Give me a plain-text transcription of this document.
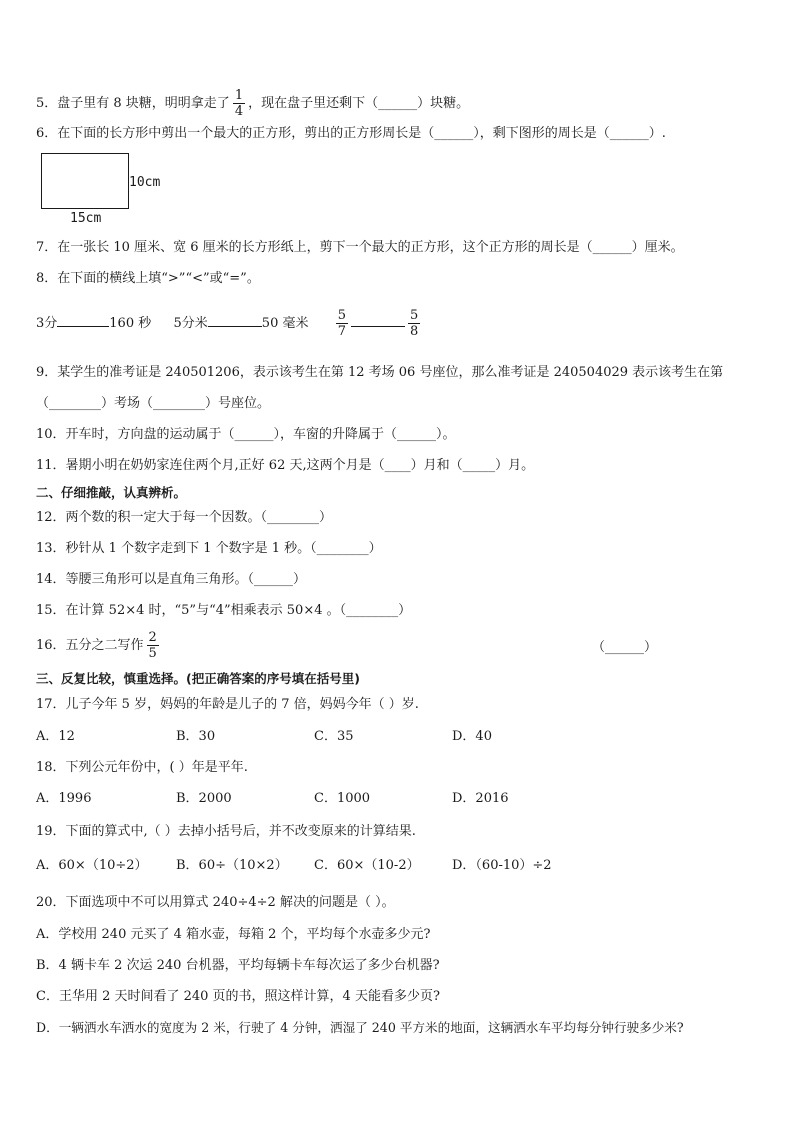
5．盘子里有 8 块糖，明明拿走了 $\frac{1}{4}$ ，现在盘子里还剩下（______）块糖。
6．在下面的长方形中剪出一个最大的正方形，剪出的正方形周长是（______），剩下图形的周长是（______）.
10cm
15cm
7．在一张长 10 厘米、宽 6 厘米的长方形纸上，剪下一个最大的正方形，这个正方形的周长是（______）厘米。
8．在下面的横线上填“>”“<”或“=”。
3分	160 秒 5分米	50 毫米 $\frac{5}{7}$	$\frac{5}{8}$
9．某学生的准考证是 240501206，表示该考生在第 12 考场 06 号座位，那么准考证是 240504029 表示该考生在第
（________）考场（________）号座位。
10．开车时，方向盘的运动属于（______），车窗的升降属于（______）。
11．暑期小明在奶奶家连住两个月,正好 62 天,这两个月是（____）月和（_____）月。
二、仔细推敲，认真辨析。
12．两个数的积一定大于每一个因数。（________）
13．秒针从 1 个数字走到下 1 个数字是 1 秒。（________）
14．等腰三角形可以是直角三角形。（______）
15．在计算 52×4 时，“5”与“4”相乘表示 50×4 。（________）
16．五分之二写作 $\frac{2}{5}$	（______）
三、反复比较，慎重选择。(把正确答案的序号填在括号里)
17．儿子今年 5 岁，妈妈的年龄是儿子的 7 倍，妈妈今年（ ）岁.
A．12	B．30	C．35	D．40
18．下列公元年份中，( ）年是平年.
A．1996	B．2000	C．1000	D．2016
19．下面的算式中,（ ）去掉小括号后，并不改变原来的计算结果.
A．60×（10÷2） B．60÷（10×2） C．60×（10-2） D．（60-10）÷2
20．下面选项中不可以用算式 240÷4÷2 解决的问题是（ ）。
A．学校用 240 元买了 4 箱水壶，每箱 2 个，平均每个水壶多少元?
B．4 辆卡车 2 次运 240 台机器，平均每辆卡车每次运了多少台机器?
C．王华用 2 天时间看了 240 页的书，照这样计算，4 天能看多少页?
D．一辆洒水车洒水的宽度为 2 米，行驶了 4 分钟，洒湿了 240 平方米的地面，这辆洒水车平均每分钟行驶多少米?
